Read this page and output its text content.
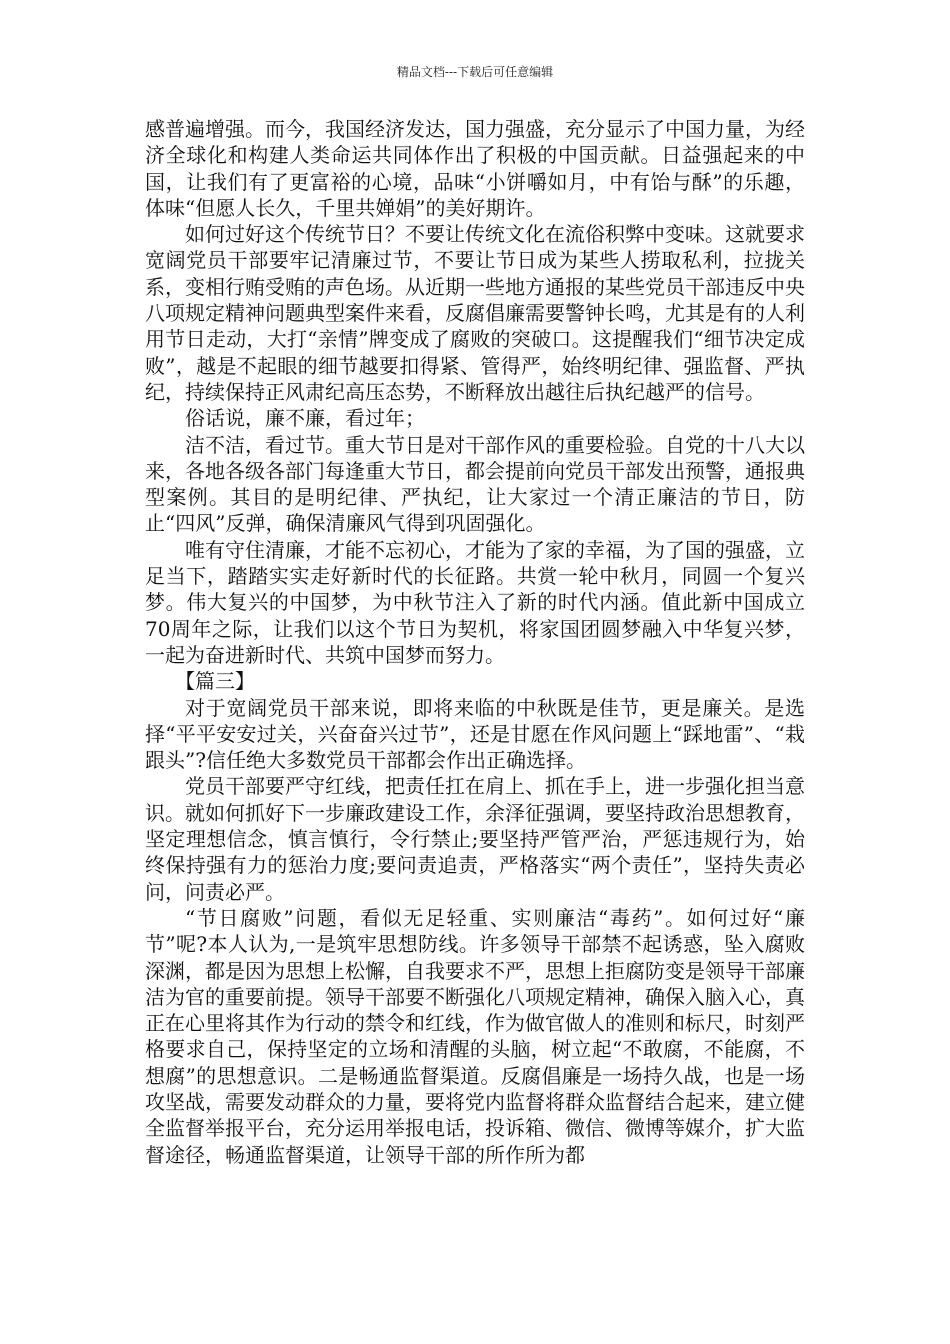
精品文档---下载后可任意编辑

感普遍增强。而今，我国经济发达，国力强盛，充分显示了中国力量，为经济全球化和构建人类命运共同体作出了积极的中国贡献。日益强起来的中国，让我们有了更富裕的心境，品味“小饼嚼如月，中有饴与酥”的乐趣，体味“但愿人长久，千里共婵娟”的美好期许。

如何过好这个传统节日？不要让传统文化在流俗积弊中变味。这就要求宽阔党员干部要牢记清廉过节，不要让节日成为某些人捞取私利，拉拢关系，变相行贿受贿的声色场。从近期一些地方通报的某些党员干部违反中央八项规定精神问题典型案件来看，反腐倡廉需要警钟长鸣，尤其是有的人利用节日走动，大打“亲情”牌变成了腐败的突破口。这提醒我们“细节决定成败”，越是不起眼的细节越要扣得紧、管得严，始终明纪律、强监督、严执纪，持续保持正风肃纪高压态势，不断释放出越往后执纪越严的信号。

俗话说，廉不廉，看过年；

洁不洁，看过节。重大节日是对干部作风的重要检验。自党的十八大以来，各地各级各部门每逢重大节日，都会提前向党员干部发出预警，通报典型案例。其目的是明纪律、严执纪，让大家过一个清正廉洁的节日，防止“四风”反弹，确保清廉风气得到巩固强化。

唯有守住清廉，才能不忘初心，才能为了家的幸福，为了国的强盛，立足当下，踏踏实实走好新时代的长征路。共赏一轮中秋月，同圆一个复兴梦。伟大复兴的中国梦，为中秋节注入了新的时代内涵。值此新中国成立70周年之际，让我们以这个节日为契机，将家国团圆梦融入中华复兴梦，一起为奋进新时代、共筑中国梦而努力。

【篇三】

对于宽阔党员干部来说，即将来临的中秋既是佳节，更是廉关。是选择“平平安安过关，兴奋奋兴过节”，还是甘愿在作风问题上“踩地雷”、“栽跟头”?信任绝大多数党员干部都会作出正确选择。

党员干部要严守红线，把责任扛在肩上、抓在手上，进一步强化担当意识。就如何抓好下一步廉政建设工作，余泽征强调，要坚持政治思想教育，坚定理想信念，慎言慎行，令行禁止;要坚持严管严治，严惩违规行为，始终保持强有力的惩治力度;要问责追责，严格落实“两个责任”，坚持失责必问，问责必严。

“节日腐败”问题，看似无足轻重、实则廉洁“毒药”。如何过好“廉节”呢?本人认为,一是筑牢思想防线。许多领导干部禁不起诱惑，坠入腐败深渊，都是因为思想上松懈，自我要求不严，思想上拒腐防变是领导干部廉洁为官的重要前提。领导干部要不断强化八项规定精神，确保入脑入心，真正在心里将其作为行动的禁令和红线，作为做官做人的准则和标尺，时刻严格要求自己，保持坚定的立场和清醒的头脑，树立起“不敢腐，不能腐，不想腐”的思想意识。二是畅通监督渠道。反腐倡廉是一场持久战，也是一场攻坚战，需要发动群众的力量，要将党内监督将群众监督结合起来，建立健全监督举报平台，充分运用举报电话，投诉箱、微信、微博等媒介，扩大监督途径，畅通监督渠道，让领导干部的所作所为都
